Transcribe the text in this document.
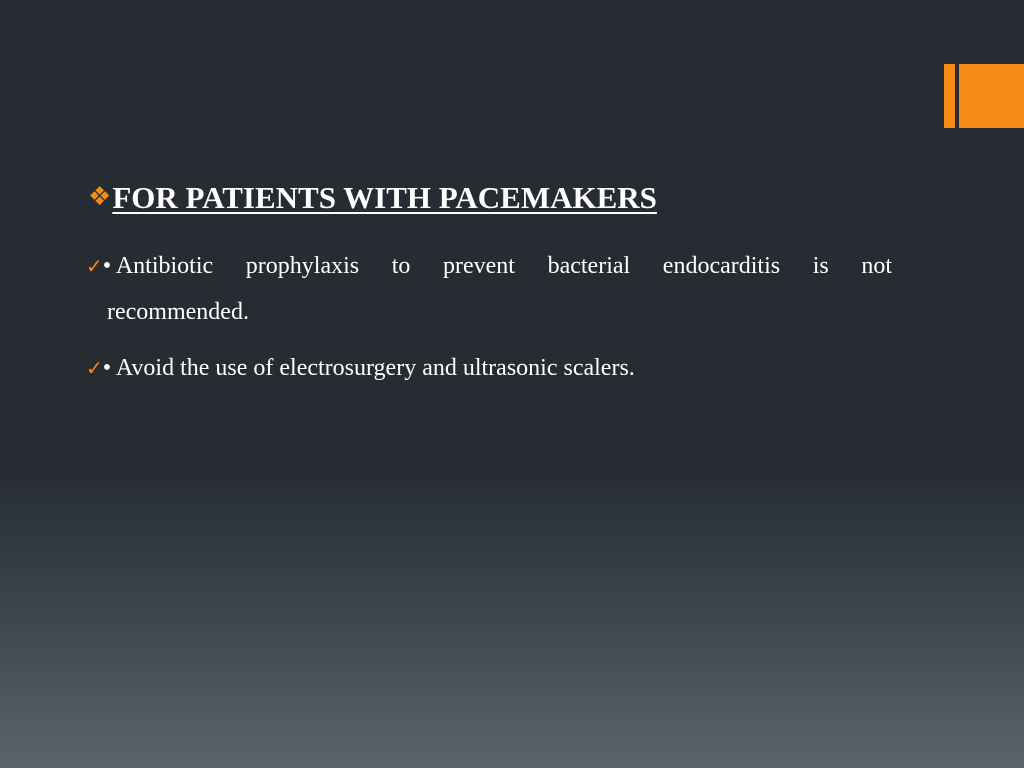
❖FOR PATIENTS WITH PACEMAKERS
✓• Antibiotic prophylaxis to prevent bacterial endocarditis is not
recommended.
✓• Avoid the use of electrosurgery and ultrasonic scalers.
